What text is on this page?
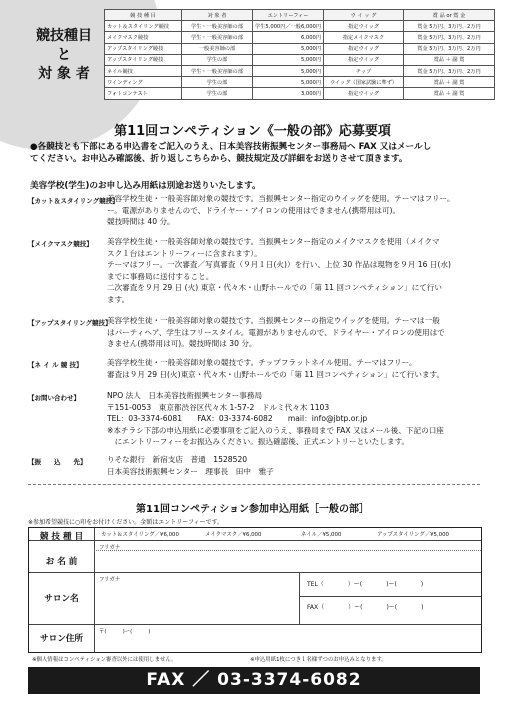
競技種目
と
対 象 者
競 技 種 目	対 象 者	エントリーフィー	ウ イ ッ グ	賞 品 or 賞 金
カット＆スタイリング競技	学生・一般美容師の部	学生5,000円／一般6,000円	指定ウイッグ	賞金 5万円、3万円、2万円
メイクマスク競技	学生・一般美容師の部	6,000円	指定メイクマスク	賞金 5万円、3万円、2万円
アップスタイリング競技	一般美容師の部	5,000円	指定ウイッグ	賞金 5万円、3万円、2万円
アップスタイリング競技	学生の部	5,000円	指定ウイッグ	賞品 ＋ 副 賞
ネイル競技	学生・一般美容師の部	5,000円	チップ	賞金 5万円、3万円、2万円
ワインディング	学生の部	5,000円	ウイッグ（国家試験に準ず）	賞品 ＋ 副 賞
フォトコンテスト	学生の部	3,000円	指定ウイッグ	賞品 ＋ 副 賞
第11回コンペティション《一般の部》応募要項
●各競技とも下部にある申込書をご記入のうえ、日本美容技術振興センター事務局へ FAX 又はメールし
てください。お申込み確認後、折り返しこちらから、競技規定及び詳細をお送りさせて頂きます。
美容学校(学生)のお申し込み用紙は別途お送りいたします。
【カット＆スタイリング競技】
美容学校生徒・一般美容師対象の競技です。当振興センター指定のウイッグを使用。テーマはフリー。
ー。電源がありませんので、ドライヤー・アイロンの使用はできません(携帯用は可)。
競技時間は 40 分。
【メイクマスク競技】 美容学校生徒・一般美容師対象の競技です。当振興センター指定のメイクマスクを使用（メイクマ
スク１台はエントリーフィーに含まれます）。
テーマはフリー。一次審査／写真審査（９月１日(火)）を行い、上位 30 作品は現物を９月 16 日(水)
までに事務局に送付すること。
二次審査を９月 29 日 (火) 東京・代々木・山野ホールでの「第 11 回コンペティション」にて行い
ます。
【アップスタイリング競技】
美容学校生徒・一般美容師対象の競技です。当振興センターの指定ウイッグを使用。テーマは一般
はパーティヘア、学生はフリースタイル。電源がありませんので、ドライヤー・アイロンの使用はで
きません(携帯用は可)。競技時間は 30 分。
【ネ イ ル 競 技】	美容学校生徒・一般美容師対象の競技です。チップフラットネイル使用。テーマはフリー。
審査は９月 29 日(火)東京・代々木・山野ホールでの「第 11 回コンペティション」にて行います。
【お問い合わせ】	NPO 法人　日本美容技術振興センター事務局
〒151-0053　東京都渋谷区代々木 1-57-2　ドルミ代々木 1103
TEL：03-3374-6081　　FAX：03-3374-6082　　mail：info@jbtp.or.jp
※本チラシ下部の申込用紙に必要事項をご記入のうえ、事務局まで FAX 又はメール後、下記の口座
　にエントリーフィーをお振込みください。振込確認後、正式エントリーといたします。
【振　　込　　先】	りそな銀行　新宿支店　普通　1528520
日本美容技術振興センター　理事長　田中　雅子
第11回コンペティション参加申込用紙［一般の部］
※参加希望競技に○印をお付けください。金額はエントリーフィーです。
競 技 種 目	カット＆スタイリング／¥6,000	メイクマスク／¥6,000	ネイル／¥5,000	アップスタイリング／¥5,000
フリガナ
お 名 前
フリガナ
サロン名
TEL（　　　　）ー(　　　　)ー(　　　　)
FAX（　　　　）ー(　　　　)ー(　　　　)
〒(　　　)ー(　　　)
サロン住所
※個人情報はコンペティション審査以外には使用しません。	※申込用紙1枚につき１名様ずつのお申込みとなります。
FAX ／ 03-3374-6082
